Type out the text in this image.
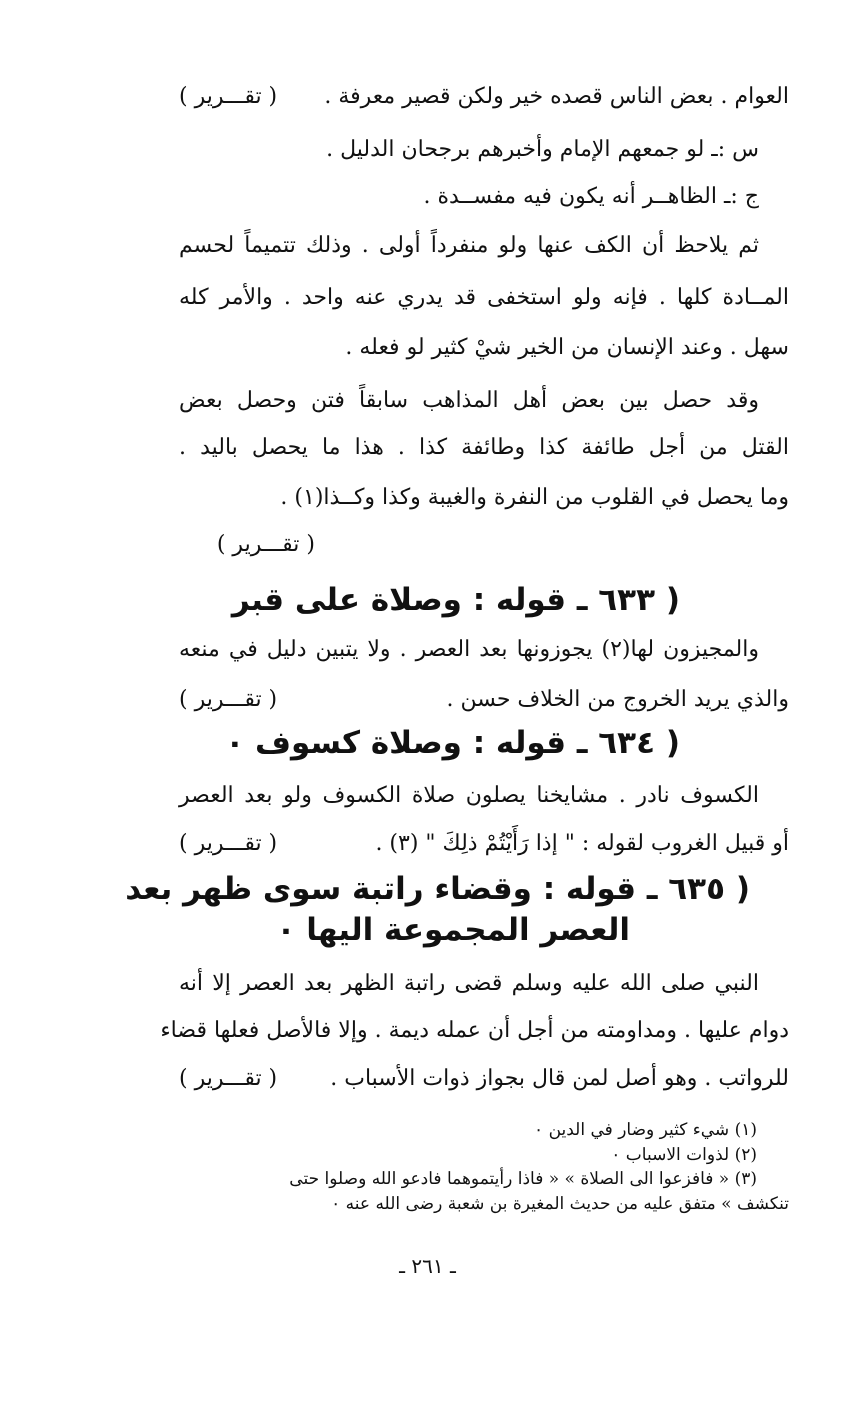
العوام . بعض الناس قصده خير ولكن قصير معرفة .
( تقـــرير )
س :ـ لو جمعهم الإمام وأخبرهم برجحان الدليل .
ج :ـ الظاهــر أنه يكون فيه مفســدة .
ثم يلاحظ أن الكف عنها ولو منفرداً أولى . وذلك تتميماً لحسم
المــادة كلها . فإنه ولو استخفى قد يدري عنه واحد . والأمر كله
سهل . وعند الإنسان من الخير شيْ كثير لو فعله .
وقد حصل بين بعض أهل المذاهب سابقاً فتن وحصل بعض
القتل من أجل طائفة كذا وطائفة كذا . هذا ما يحصل باليد .
وما يحصل في القلوب من النفرة والغيبة وكذا وكــذا(١) .
( تقـــرير )
( ٦٣٣ ـ قوله : وصلاة على قبر
والمجيزون لها(٢) يجوزونها بعد العصر . ولا يتبين دليل في منعه
والذي يريد الخروج من الخلاف حسن .
( تقـــرير )
( ٦٣٤ ـ قوله : وصلاة كسوف ٠
الكسوف نادر . مشايخنا يصلون صلاة الكسوف ولو بعد العصر
أو قبيل الغروب لقوله : " إذا رَأَيْتُمْ ذلِكَ " (٣) .
( تقـــرير )
( ٦٣٥ ـ قوله : وقضاء راتبة سوى ظهر بعد
العصر المجموعة اليها ٠
النبي صلى الله عليه وسلم قضى راتبة الظهر بعد العصر إلا أنه
دوام عليها . ومداومته من أجل أن عمله ديمة . وإلا فالأصل فعلها قضاء
للرواتب . وهو أصل لمن قال بجواز ذوات الأسباب .
( تقـــرير )
(١) شيء كثير وضار في الدين ٠
(٢) لذوات الاسباب ٠
(٣) « فافزعوا الى الصلاة » « فاذا رأيتموهما فادعو الله وصلوا حتى
تنكشف » متفق عليه من حديث المغيرة بن شعبة رضى الله عنه ٠
ـ ٢٦١ ـ
